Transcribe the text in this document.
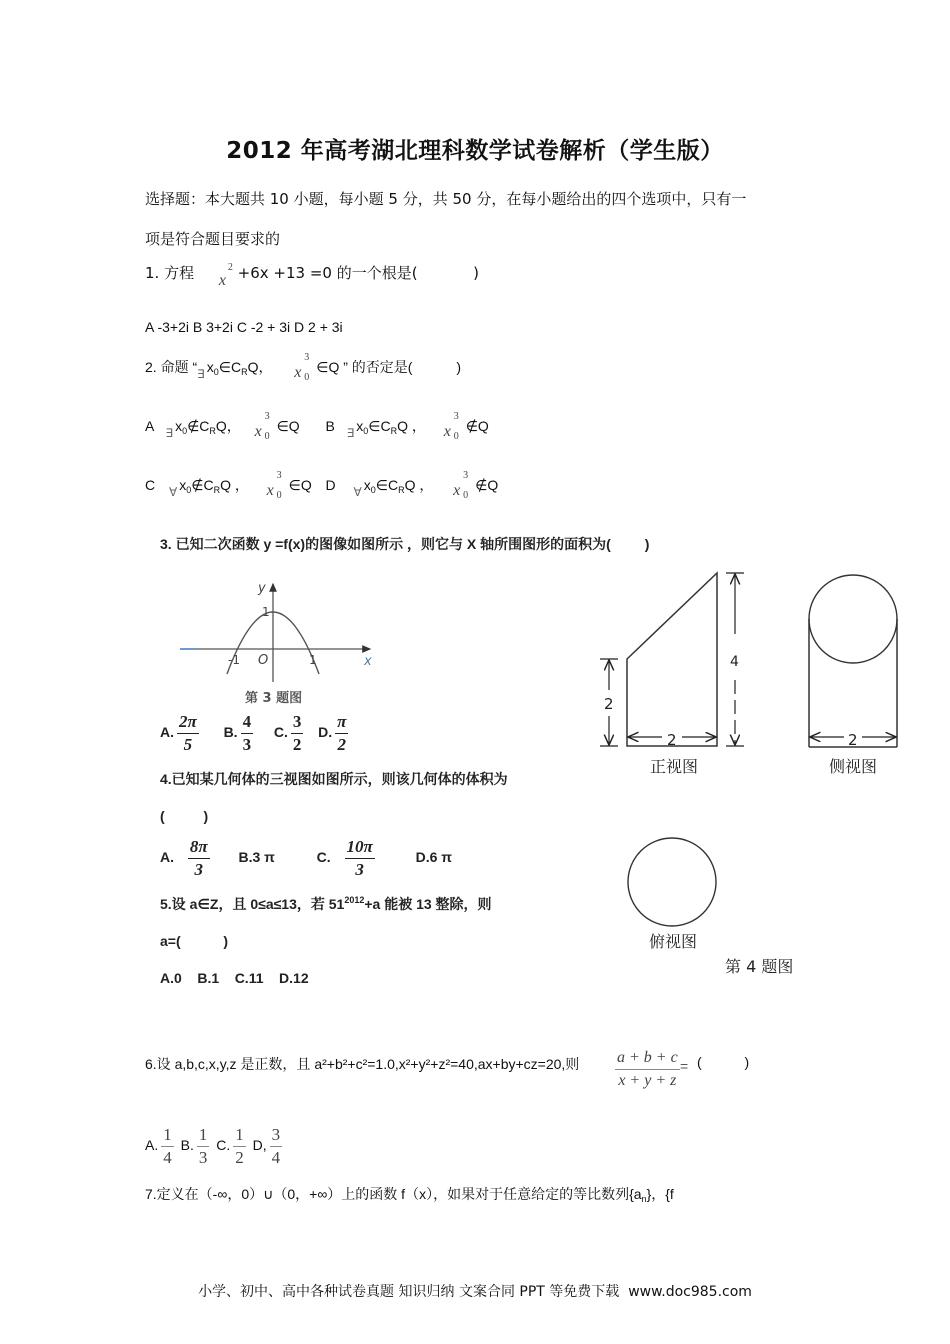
2012 年高考湖北理科数学试卷解析（学生版）
选择题：本大题共 10 小题，每小题 5 分，共 50 分，在每小题给出的四个选项中，只有一
项是符合题目要求的
1. 方程 x
2 +6x +13 =0 的一个根是(	)
A -3+2i B 3+2i C -2 + 3i D 2 + 3i
2. 命题 “∃ $x_0\in C_RQ$， x
3
0
∈Q ” 的否定是(	)
A ∃ $x_0\notin C_RQ$， x
3
0
∈Q B ∃ $x_0\in C_RQ$ ， x
3
0
∉Q
C ∀ $x_0\notin C_RQ$ ， x
3
0
∈Q D ∀ $x_0\in C_RQ$ ， x
3
0
∉Q
3. 已知二次函数 y =f(x)的图像如图所示 ，则它与 X 轴所围图形的面积为( )
y
x
1
-1 O	1
第 3 题图
A. $\frac{2\pi}{5} B$. $\frac{4}{3} C$. $\frac{3}{2} D$. $\frac{\pi}{2}$
4.已知某几何体的三视图如图所示，则该几何体的体积为
(          )
A. $\frac{8\pi}{3} B.3$ π	C. $\frac{10\pi}{3}$	D.6 π
2
4
2
正视图
2
侧视图
俯视图
第 4 题图
5.设 a∈Z，且 0≤a≤13，若 $51^{2012}+a$ 能被 13 整除，则
a=(           )
A.0    B.1    C.11    D.12
6.设 a,b,c,x,y,z 是正数，且 a²+b²+c²=1.0,x²+y²+z²=40,ax+by+cz=20,则 $\frac{a + b + c}{x + y + z}$ = (           )
A. $\frac{1}{4} B$. $\frac{1}{3} C$. $\frac{1}{2} D$, $\frac{3}{4}$
7.定义在（-∞，0）∪（0，+∞）上的函数 f（x），如果对于任意给定的等比数列$\{a_n\}$，{f
小学、初中、高中各种试卷真题 知识归纳 文案合同 PPT 等免费下载  www.doc985.com
